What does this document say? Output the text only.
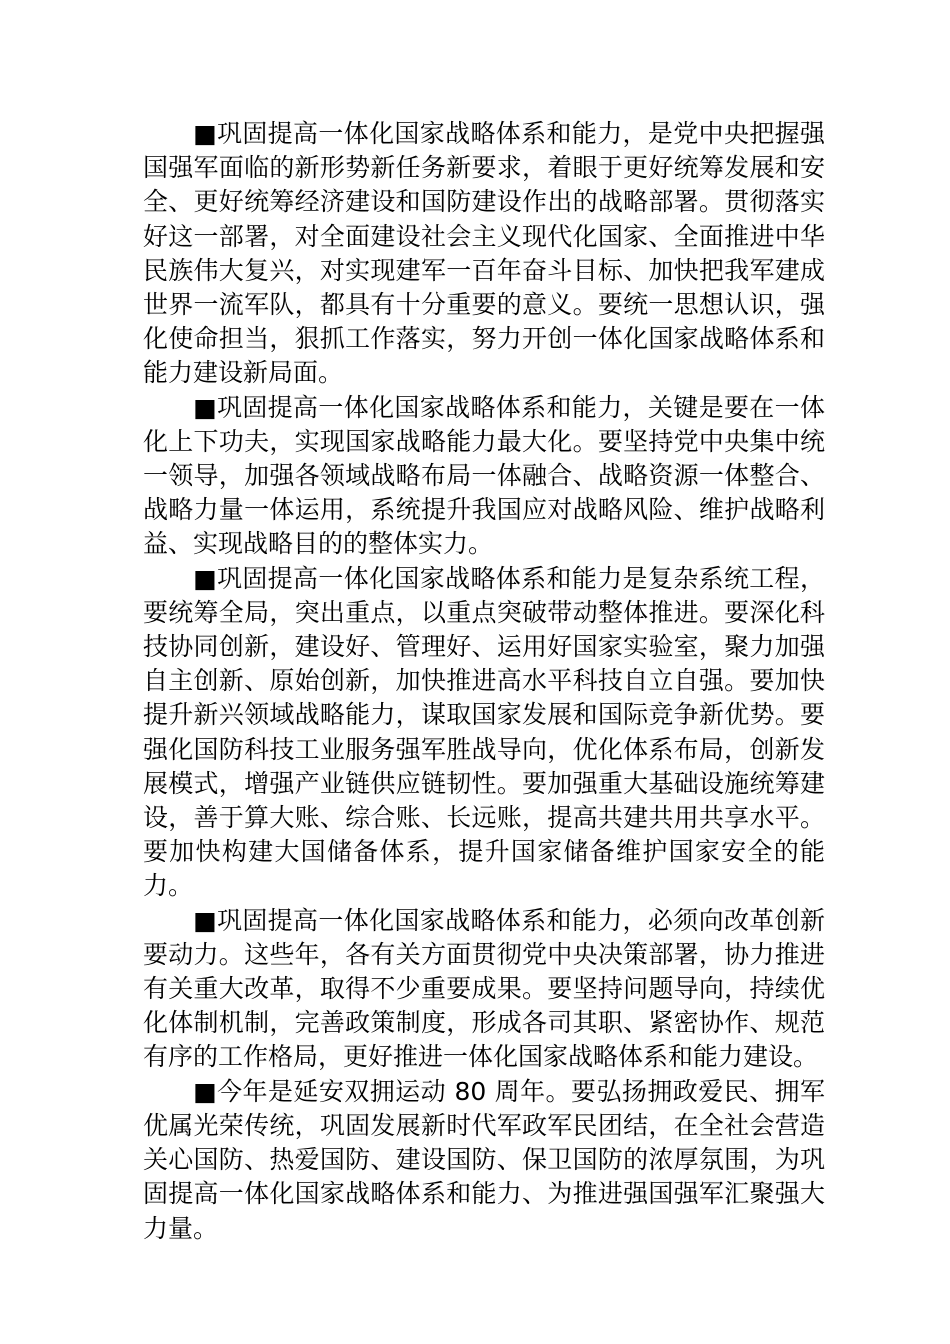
■巩固提高一体化国家战略体系和能力，是党中央把握强国强军面临的新形势新任务新要求，着眼于更好统筹发展和安全、更好统筹经济建设和国防建设作出的战略部署。贯彻落实好这一部署，对全面建设社会主义现代化国家、全面推进中华民族伟大复兴，对实现建军一百年奋斗目标、加快把我军建成世界一流军队，都具有十分重要的意义。要统一思想认识，强化使命担当，狠抓工作落实，努力开创一体化国家战略体系和能力建设新局面。

■巩固提高一体化国家战略体系和能力，关键是要在一体化上下功夫，实现国家战略能力最大化。要坚持党中央集中统一领导，加强各领域战略布局一体融合、战略资源一体整合、战略力量一体运用，系统提升我国应对战略风险、维护战略利益、实现战略目的的整体实力。

■巩固提高一体化国家战略体系和能力是复杂系统工程，要统筹全局，突出重点，以重点突破带动整体推进。要深化科技协同创新，建设好、管理好、运用好国家实验室，聚力加强自主创新、原始创新，加快推进高水平科技自立自强。要加快提升新兴领域战略能力，谋取国家发展和国际竞争新优势。要强化国防科技工业服务强军胜战导向，优化体系布局，创新发展模式，增强产业链供应链韧性。要加强重大基础设施统筹建设，善于算大账、综合账、长远账，提高共建共用共享水平。要加快构建大国储备体系，提升国家储备维护国家安全的能力。

■巩固提高一体化国家战略体系和能力，必须向改革创新要动力。这些年，各有关方面贯彻党中央决策部署，协力推进有关重大改革，取得不少重要成果。要坚持问题导向，持续优化体制机制，完善政策制度，形成各司其职、紧密协作、规范有序的工作格局，更好推进一体化国家战略体系和能力建设。

■今年是延安双拥运动 80 周年。要弘扬拥政爱民、拥军优属光荣传统，巩固发展新时代军政军民团结，在全社会营造关心国防、热爱国防、建设国防、保卫国防的浓厚氛围，为巩固提高一体化国家战略体系和能力、为推进强国强军汇聚强大力量。
